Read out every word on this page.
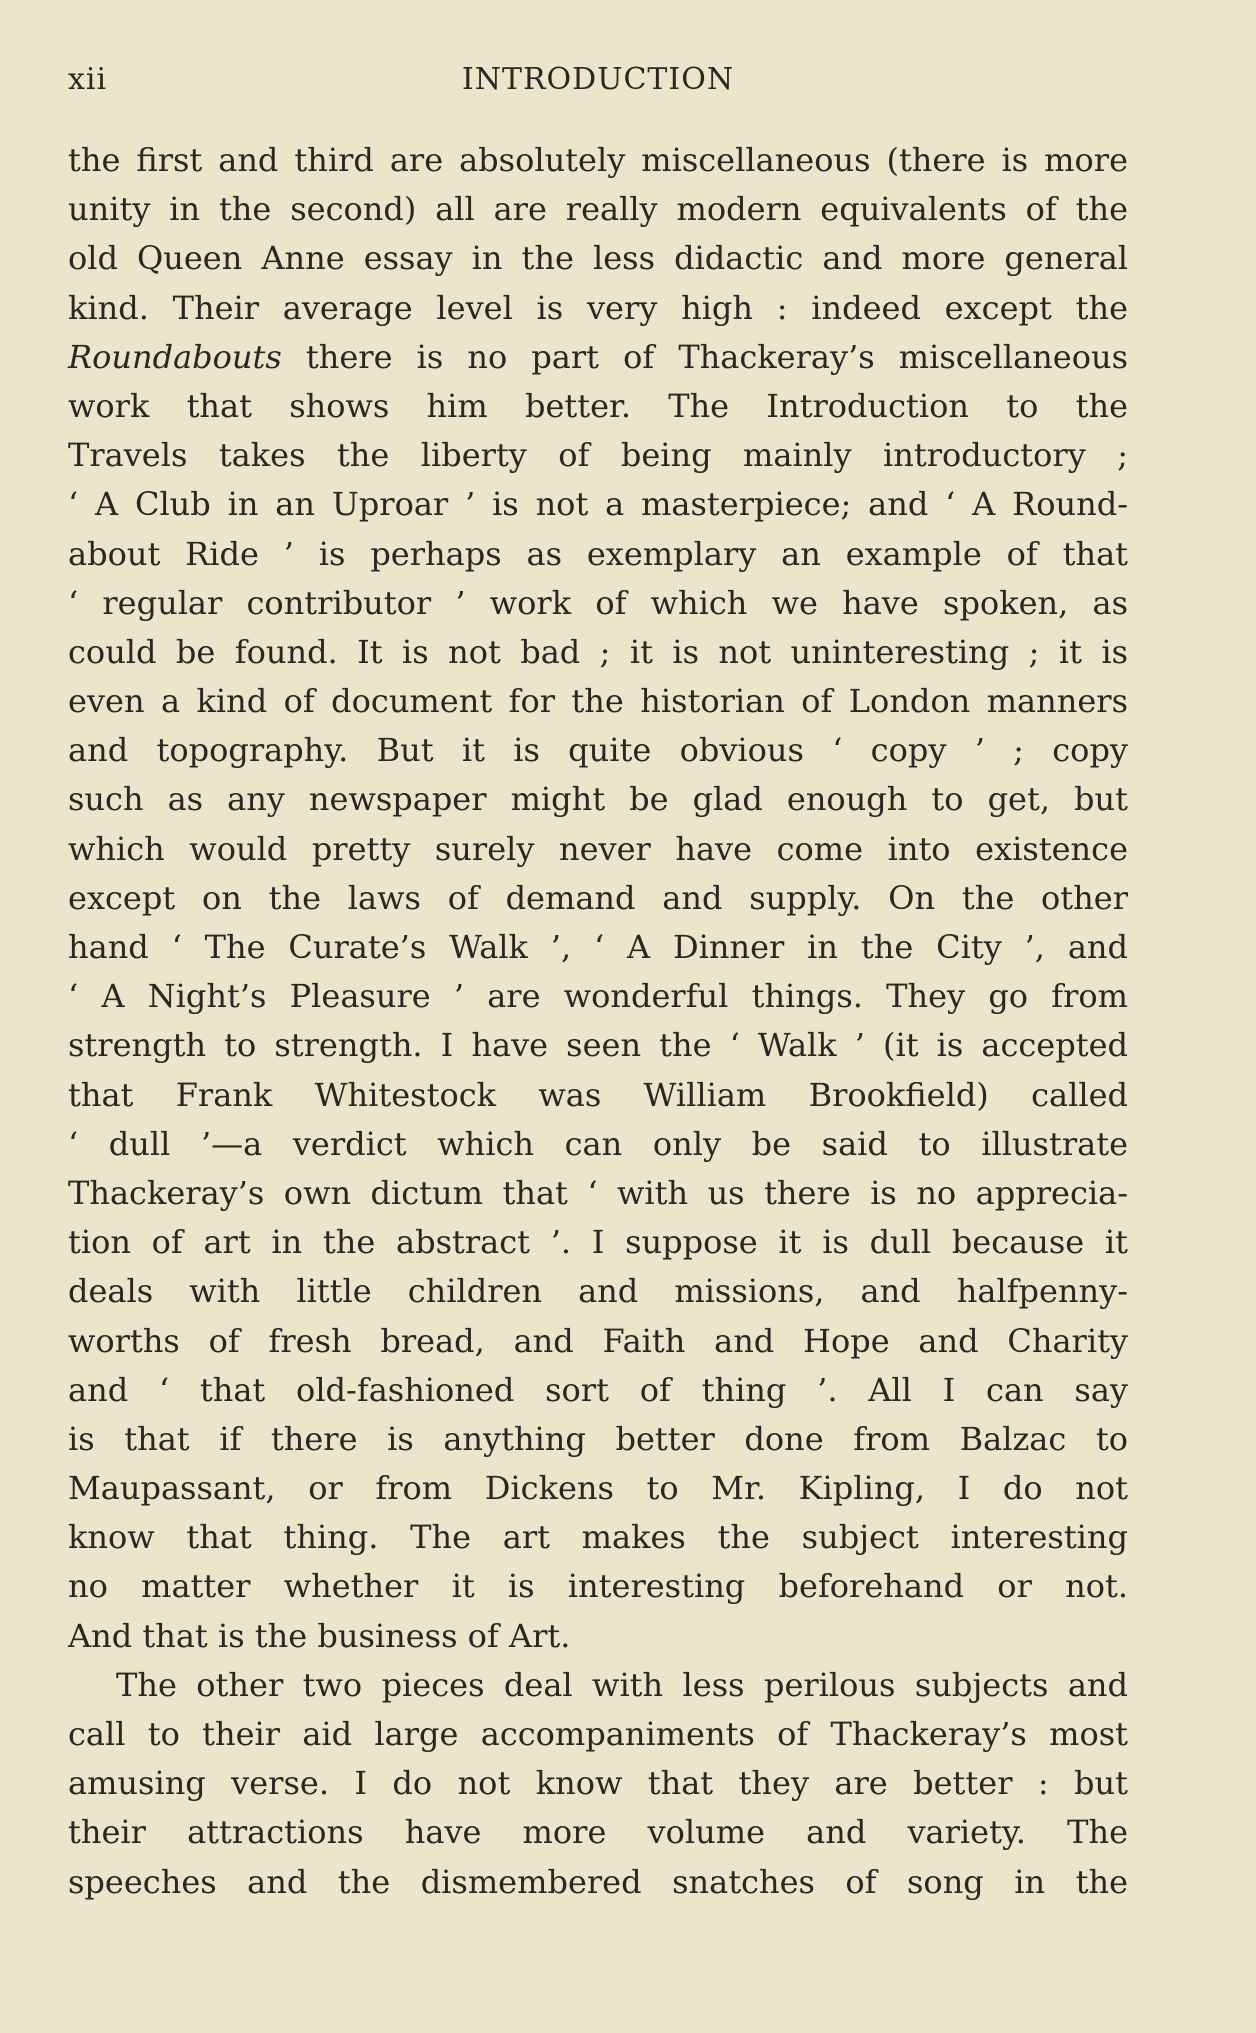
xii	INTRODUCTION
the first and third are absolutely miscellaneous (there is more
unity in the second) all are really modern equivalents of the
old Queen Anne essay in the less didactic and more general
kind. Their average level is very high : indeed except the
Roundabouts there is no part of Thackeray’s miscellaneous
work that shows him better. The Introduction to the
Travels takes the liberty of being mainly introductory ;
‘ A Club in an Uproar ’ is not a masterpiece; and ‘ A Round-
about Ride ’ is perhaps as exemplary an example of that
‘ regular contributor ’ work of which we have spoken, as
could be found. It is not bad ; it is not uninteresting ; it is
even a kind of document for the historian of London manners
and topography. But it is quite obvious ‘ copy ’ ; copy
such as any newspaper might be glad enough to get, but
which would pretty surely never have come into existence
except on the laws of demand and supply. On the other
hand ‘ The Curate’s Walk ’, ‘ A Dinner in the City ’, and
‘ A Night’s Pleasure ’ are wonderful things. They go from
strength to strength. I have seen the ‘ Walk ’ (it is accepted
that Frank Whitestock was William Brookfield) called
‘ dull ’—a verdict which can only be said to illustrate
Thackeray’s own dictum that ‘ with us there is no apprecia-
tion of art in the abstract ’. I suppose it is dull because it
deals with little children and missions, and halfpenny-
worths of fresh bread, and Faith and Hope and Charity
and ‘ that old-fashioned sort of thing ’. All I can say
is that if there is anything better done from Balzac to
Maupassant, or from Dickens to Mr. Kipling, I do not
know that thing. The art makes the subject interesting
no matter whether it is interesting beforehand or not.
And that is the business of Art.
The other two pieces deal with less perilous subjects and
call to their aid large accompaniments of Thackeray’s most
amusing verse. I do not know that they are better : but
their attractions have more volume and variety. The
speeches and the dismembered snatches of song in the
